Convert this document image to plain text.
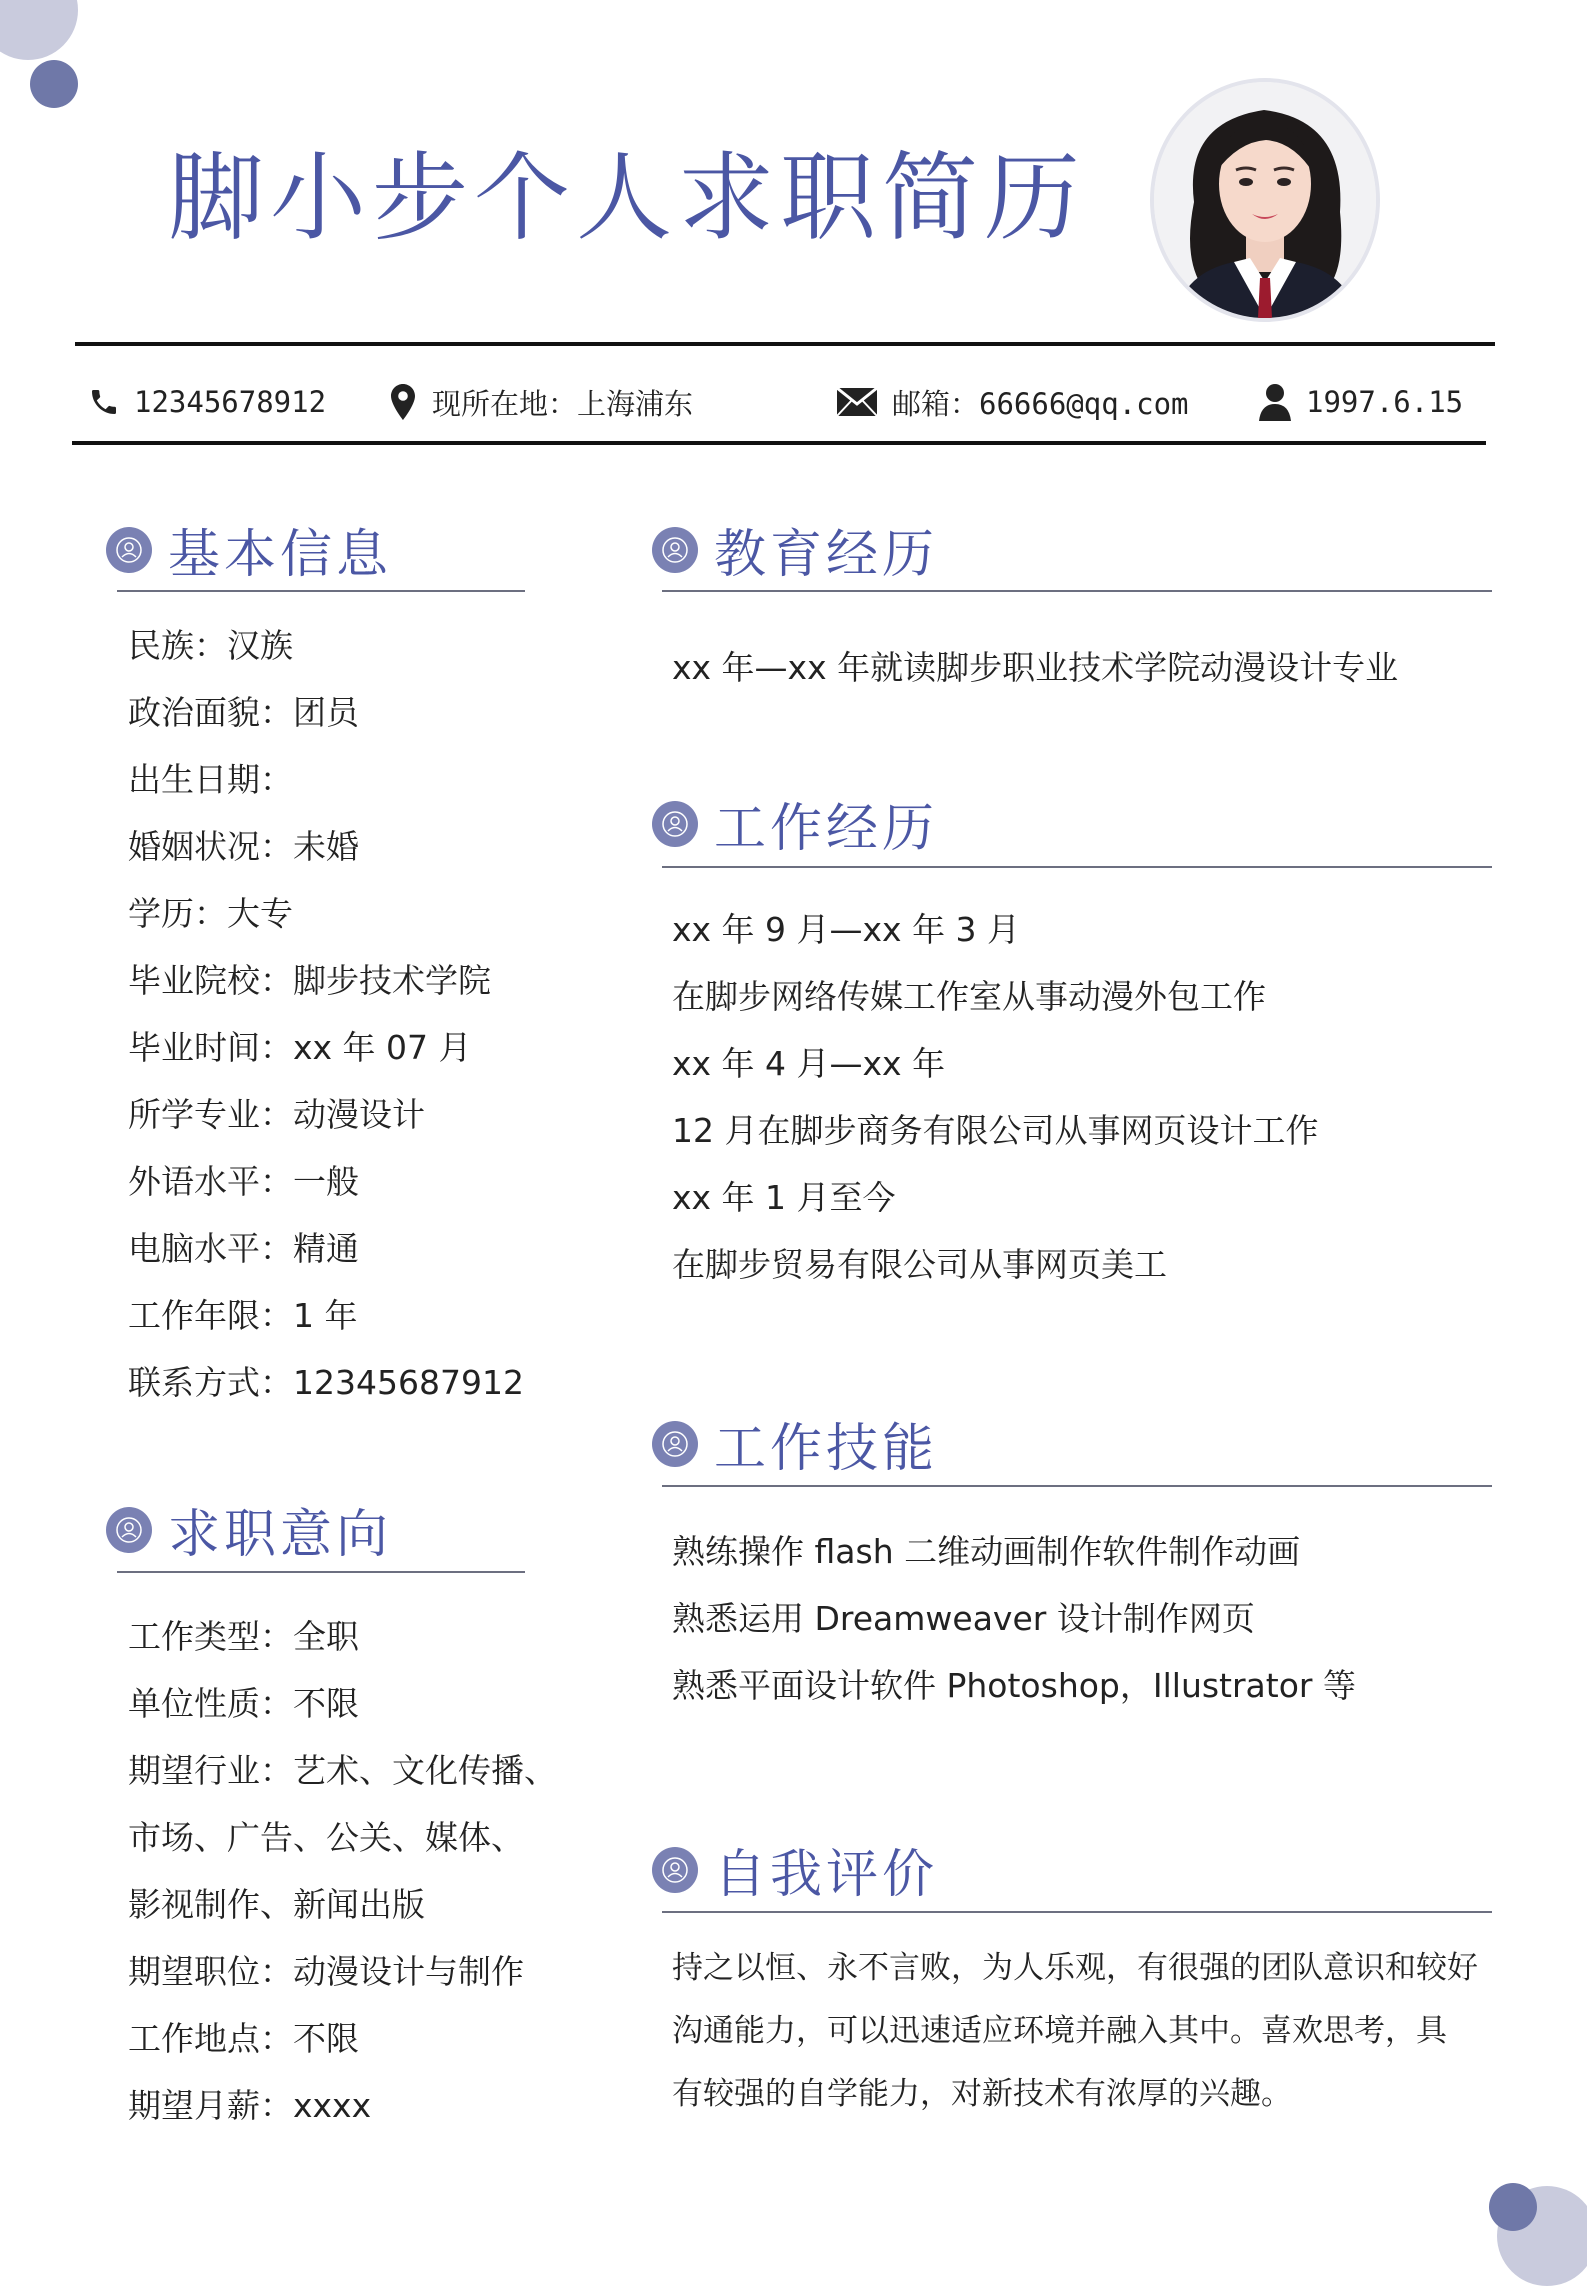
脚小步个人求职简历
12345678912	现所在地：上海浦东	邮箱：66666@qq.com	1997.6.15
基本信息
民族：汉族
政治面貌：团员
出生日期：
婚姻状况：未婚
学历：大专
毕业院校：脚步技术学院
毕业时间：xx 年 07 月
所学专业：动漫设计
外语水平：一般
电脑水平：精通
工作年限：1 年
联系方式：12345687912
求职意向
工作类型：全职
单位性质：不限
期望行业：艺术、文化传播、
市场、广告、公关、媒体、
影视制作、新闻出版
期望职位：动漫设计与制作
工作地点：不限
期望月薪：xxxx
教育经历
xx 年—xx 年就读脚步职业技术学院动漫设计专业
工作经历
xx 年 9 月—xx 年 3 月
在脚步网络传媒工作室从事动漫外包工作
xx 年 4 月—xx 年
12 月在脚步商务有限公司从事网页设计工作
xx 年 1 月至今
在脚步贸易有限公司从事网页美工
工作技能
熟练操作 flash 二维动画制作软件制作动画
熟悉运用 Dreamweaver 设计制作网页
熟悉平面设计软件 Photoshop，Illustrator 等
自我评价
持之以恒、永不言败，为人乐观，有很强的团队意识和较好
沟通能力，可以迅速适应环境并融入其中。喜欢思考，具
有较强的自学能力，对新技术有浓厚的兴趣。
